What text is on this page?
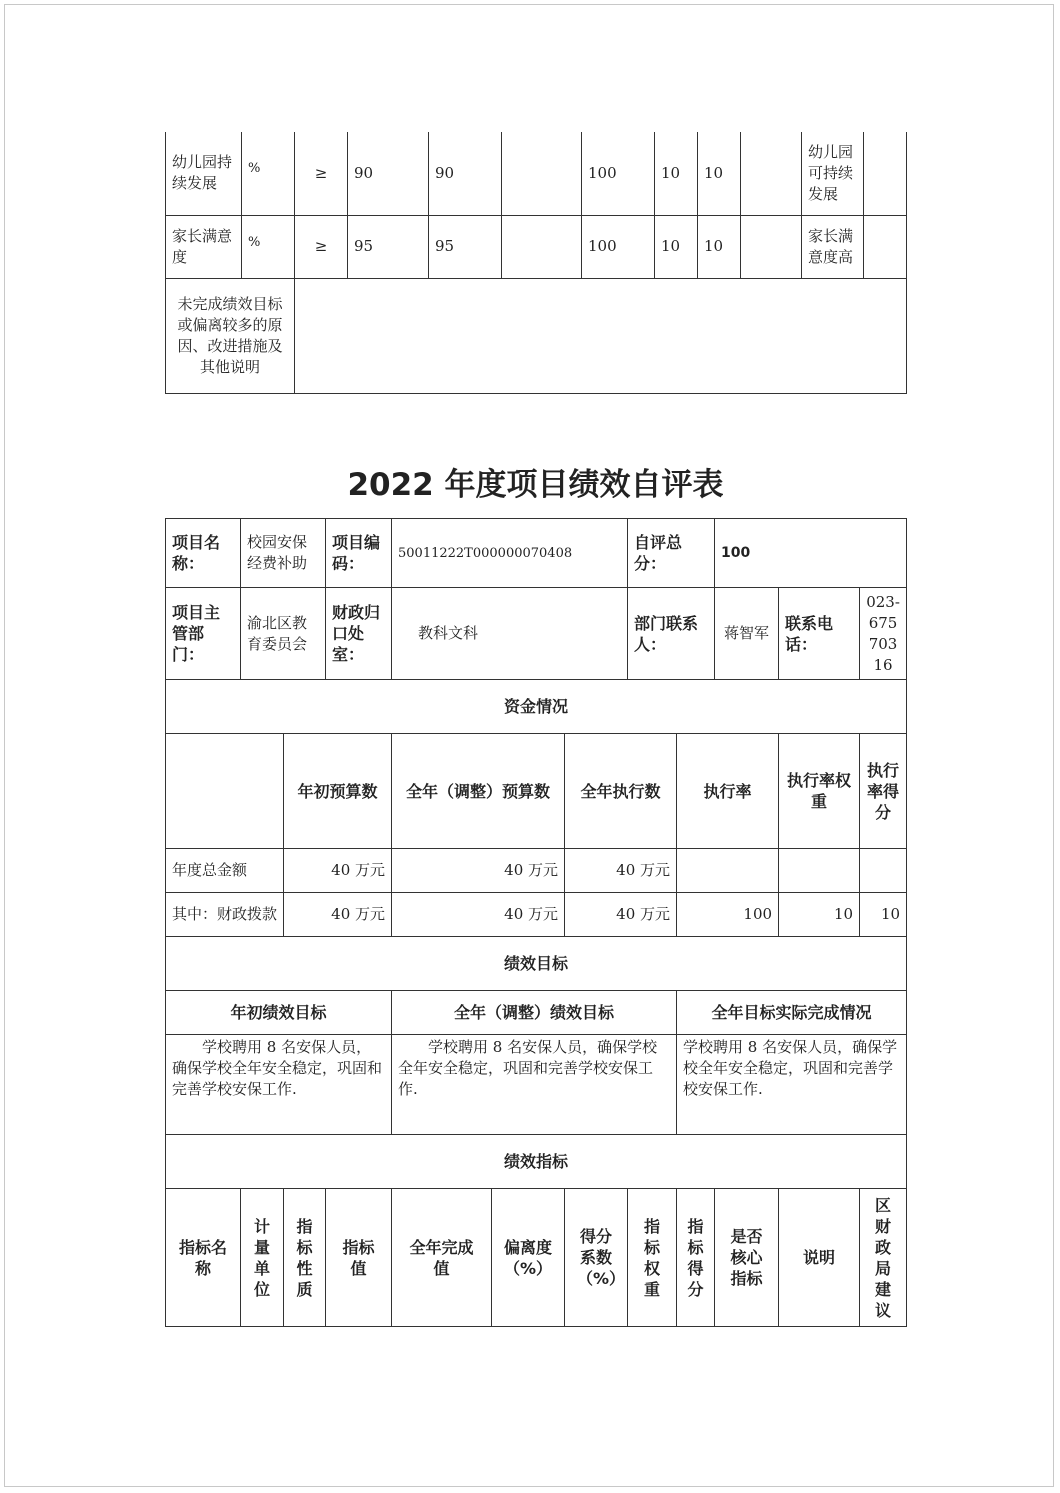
幼儿园持续发展	%	≥	90	90		100	10	10		幼儿园可持续发展	
家长满意度	%	≥	95	95		100	10	10		家长满意度高	
未完成绩效目标或偏离较多的原因、改进措施及其他说明											
2022 年度项目绩效自评表
项目名称：	校园安保经费补助		项目编码：	50011222T000000070408			自评总分：		100		
项目主管部门：	渝北区教育委员会		财政归口处室：	教科文科			部门联系人：		蒋智军	联系电话：	023-67570316
资金情况											
		年初预算数		全年（调整）预算数		全年执行数		执行率		执行率权重	执行率得分
年度总金额		40 万元		40 万元		40 万元					
其中：财政拨款		40 万元		40 万元		40 万元		100		10	10
绩效目标											
年初绩效目标				全年（调整）绩效目标				全年目标实际完成情况			
学校聘用 8 名安保人员，确保学校全年安全稳定，巩固和完善学校安保工作.				学校聘用 8 名安保人员，确保学校全年安全稳定，巩固和完善学校安保工作.				学校聘用 8 名安保人员，确保学校全年安全稳定，巩固和完善学校安保工作.			
绩效指标											
指标名称	计量单位	指标性质	指标值	全年完成值	偏离度（%）	得分系数（%）	指标权重	指标得分	是否核心指标	说明	区财政局建议
